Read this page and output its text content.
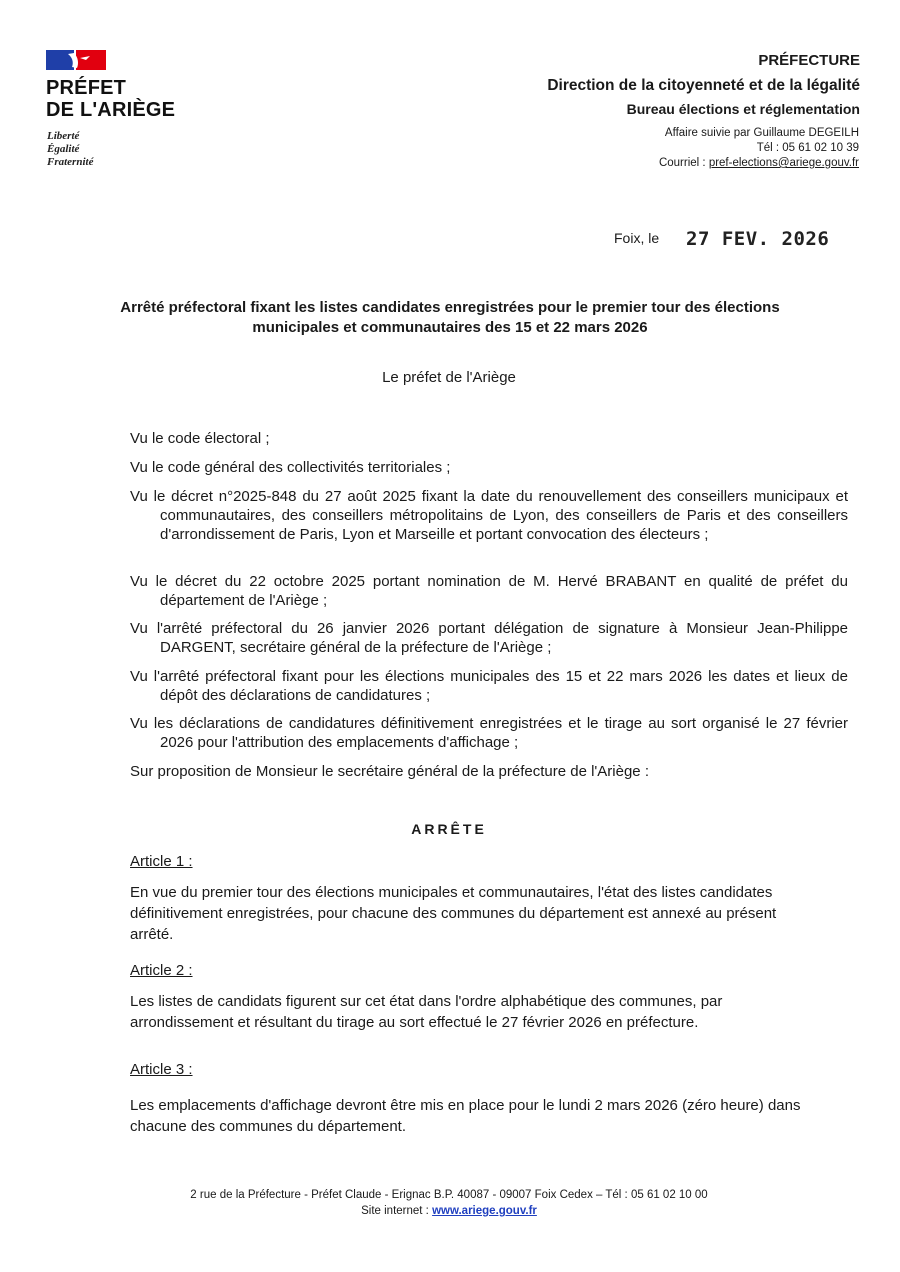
PRÉFET
DE L'ARIÈGE
Liberté
Égalité
Fraternité
PRÉFECTURE
Direction de la citoyenneté et de la légalité
Bureau élections et réglementation
Affaire suivie par Guillaume DEGEILH
Tél : 05 61 02 10 39
Courriel : pref-elections@ariege.gouv.fr
Foix, le 27 FEV. 2026
Arrêté préfectoral fixant les listes candidates enregistrées pour le premier tour des élections
municipales et communautaires des 15 et 22 mars 2026
Le préfet de l'Ariège
Vu le code électoral ;
Vu le code général des collectivités territoriales ;
Vu le décret n°2025-848 du 27 août 2025 fixant la date du renouvellement des conseillers municipaux et communautaires, des conseillers métropolitains de Lyon, des conseillers de Paris et des conseillers d'arrondissement de Paris, Lyon et Marseille et portant convocation des électeurs ;
Vu le décret du 22 octobre 2025 portant nomination de M. Hervé BRABANT en qualité de préfet du département de l'Ariège ;
Vu l'arrêté préfectoral du 26 janvier 2026 portant délégation de signature à Monsieur Jean-Philippe DARGENT, secrétaire général de la préfecture de l'Ariège ;
Vu l'arrêté préfectoral fixant pour les élections municipales des 15 et 22 mars 2026 les dates et lieux de dépôt des déclarations de candidatures ;
Vu les déclarations de candidatures définitivement enregistrées et le tirage au sort organisé le 27 février 2026 pour l'attribution des emplacements d'affichage ;
Sur proposition de Monsieur le secrétaire général de la préfecture de l'Ariège :
ARRÊTE
Article 1 :
En vue du premier tour des élections municipales et communautaires, l'état des listes candidates définitivement enregistrées, pour chacune des communes du département est annexé au présent arrêté.
Article 2 :
Les listes de candidats figurent sur cet état dans l'ordre alphabétique des communes, par arrondissement et résultant du tirage au sort effectué le 27 février 2026 en préfecture.
Article 3 :
Les emplacements d'affichage devront être mis en place pour le lundi 2 mars 2026 (zéro heure) dans chacune des communes du département.
2 rue de la Préfecture - Préfet Claude - Erignac B.P. 40087 - 09007 Foix Cedex – Tél : 05 61 02 10 00
Site internet : www.ariege.gouv.fr
